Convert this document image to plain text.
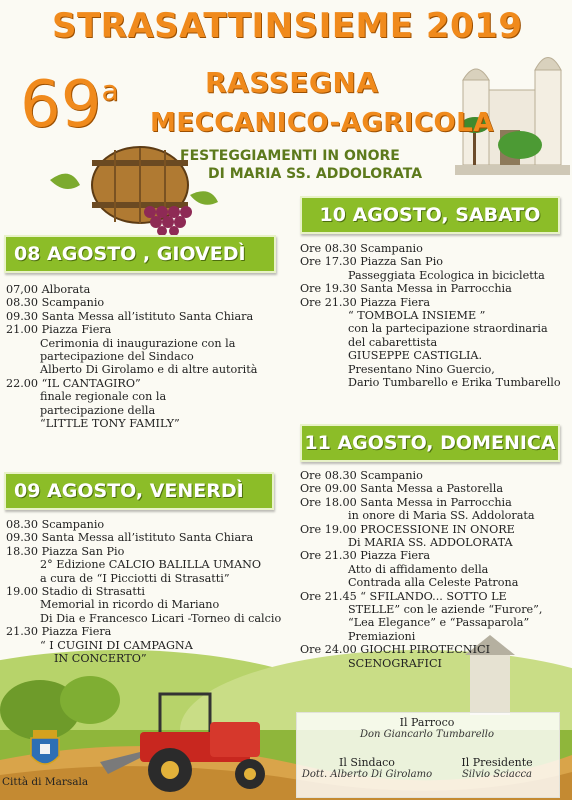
STRASATTINSIEME 2019
69$^a$	RASSEGNA
MECCANICO-AGRICOLA
FESTEGGIAMENTI IN ONORE
DI MARIA SS. ADDOLORATA
08 AGOSTO , GIOVEDÌ
07,00 Alborata
08.30 Scampanio
09.30 Santa Messa all’istituto Santa Chiara
21.00 Piazza Fiera
Cerimonia di inaugurazione con la
partecipazione del Sindaco
Alberto Di Girolamo e di altre autorità
22.00 “IL CANTAGIRO”
finale regionale con la
partecipazione della
“LITTLE TONY FAMILY”
09 AGOSTO, VENERDÌ
08.30 Scampanio
09.30 Santa Messa all’istituto Santa Chiara
18.30 Piazza San Pio
2° Edizione CALCIO BALILLA UMANO
a cura de “I Picciotti di Strasatti”
19.00 Stadio di Strasatti
Memorial in ricordo di Mariano
Di Dia e Francesco Licari -Torneo di calcio
21.30 Piazza Fiera
“ I CUGINI DI CAMPAGNA
IN CONCERTO”
10 AGOSTO, SABATO
Ore 08.30 Scampanio
Ore 17.30 Piazza San Pio
Passeggiata Ecologica in bicicletta
Ore 19.30 Santa Messa in Parrocchia
Ore 21.30 Piazza Fiera
“ TOMBOLA INSIEME ”
con la partecipazione straordinaria
del cabarettista
GIUSEPPE CASTIGLIA.
Presentano Nino Guercio,
Dario Tumbarello e Erika Tumbarello
11 AGOSTO, DOMENICA
Ore 08.30 Scampanio
Ore 09.00 Santa Messa a Pastorella
Ore 18.00 Santa Messa in Parrocchia
in onore di Maria SS. Addolorata
Ore 19.00 PROCESSIONE IN ONORE
Di MARIA SS. ADDOLORATA
Ore 21.30 Piazza Fiera
Atto di affidamento della
Contrada alla Celeste Patrona
Ore 21.45 “ SFILANDO... SOTTO LE
STELLE” con le aziende “Furore”,
“Lea Elegance” e “Passaparola”
Premiazioni
Ore 24.00 GIOCHI PIROTECNICI
SCENOGRAFICI
Il Parroco
Don Giancarlo Tumbarello
Il Sindaco
Dott. Alberto Di Girolamo
Il Presidente
Silvio Sciacca
Città di Marsala
